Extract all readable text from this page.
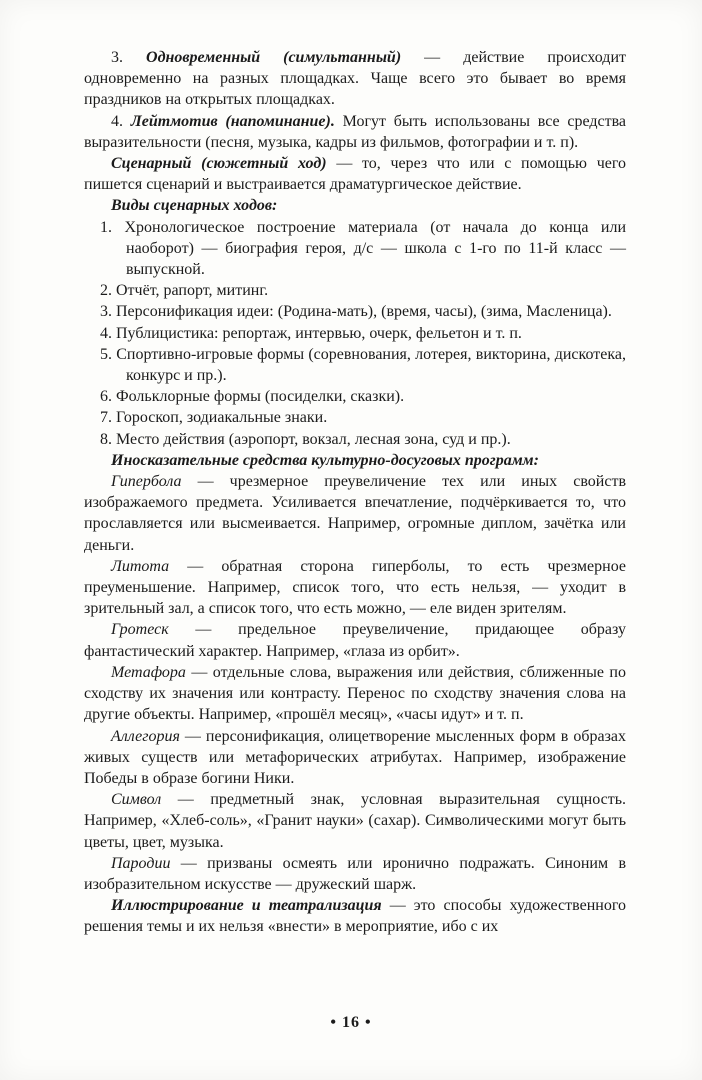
3. Одновременный (симультанный) — действие происходит одновременно на разных площадках. Чаще всего это бывает во время праздников на открытых площадках.

4. Лейтмотив (напоминание). Могут быть использованы все средства выразительности (песня, музыка, кадры из фильмов, фотографии и т. п).

Сценарный (сюжетный ход) — то, через что или с помощью чего пишется сценарий и выстраивается драматургическое действие.

Виды сценарных ходов:

1. Хронологическое построение материала (от начала до конца или наоборот) — биография героя, д/с — школа с 1-го по 11-й класс — выпускной.

2. Отчёт, рапорт, митинг.

3. Персонификация идеи: (Родина-мать), (время, часы), (зима, Масленица).

4. Публицистика: репортаж, интервью, очерк, фельетон и т. п.

5. Спортивно-игровые формы (соревнования, лотерея, викторина, дискотека, конкурс и пр.).

6. Фольклорные формы (посиделки, сказки).

7. Гороскоп, зодиакальные знаки.

8. Место действия (аэропорт, вокзал, лесная зона, суд и пр.).

Иносказательные средства культурно-досуговых программ:

Гипербола — чрезмерное преувеличение тех или иных свойств изображаемого предмета. Усиливается впечатление, подчёркивается то, что прославляется или высмеивается. Например, огромные диплом, зачётка или деньги.

Литота — обратная сторона гиперболы, то есть чрезмерное преуменьшение. Например, список того, что есть нельзя, — уходит в зрительный зал, а список того, что есть можно, — еле виден зрителям.

Гротеск — предельное преувеличение, придающее образу фантастический характер. Например, «глаза из орбит».

Метафора — отдельные слова, выражения или действия, сближенные по сходству их значения или контрасту. Перенос по сходству значения слова на другие объекты. Например, «прошёл месяц», «часы идут» и т. п.

Аллегория — персонификация, олицетворение мысленных форм в образах живых существ или метафорических атрибутах. Например, изображение Победы в образе богини Ники.

Символ — предметный знак, условная выразительная сущность. Например, «Хлеб-соль», «Гранит науки» (сахар). Символическими могут быть цветы, цвет, музыка.

Пародии — призваны осмеять или иронично подражать. Синоним в изобразительном искусстве — дружеский шарж.

Иллюстрирование и театрализация — это способы художественного решения темы и их нельзя «внести» в мероприятие, ибо с их

• 16 •
